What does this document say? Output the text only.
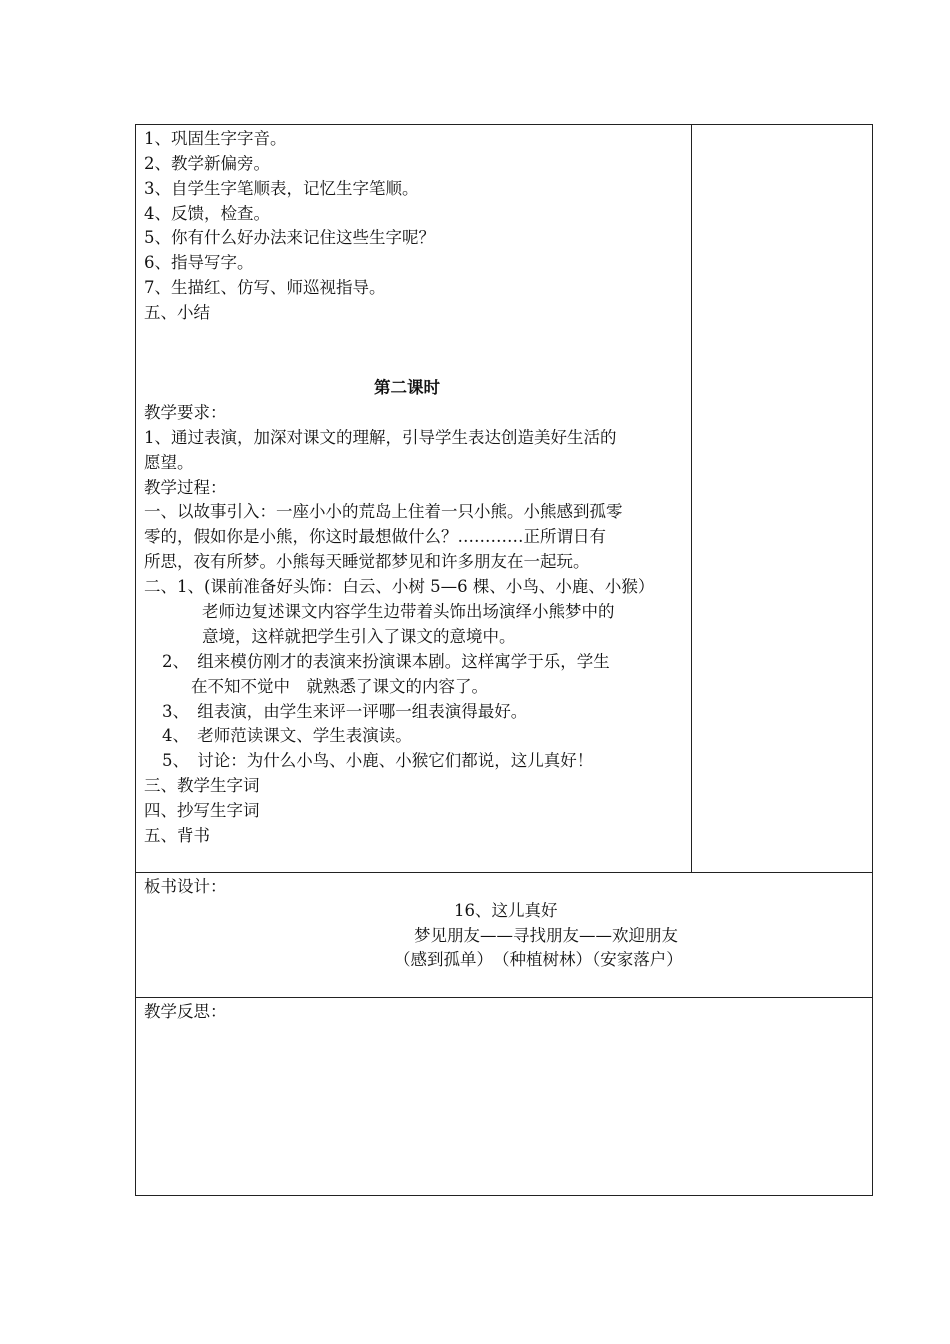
1、巩固生字字音。
2、教学新偏旁。
3、自学生字笔顺表，记忆生字笔顺。
4、反馈，检查。
5、你有什么好办法来记住这些生字呢？
6、指导写字。
7、生描红、仿写、师巡视指导。
五、小结
第二课时
教学要求：
1、通过表演，加深对课文的理解，引导学生表达创造美好生活的
愿望。
教学过程：
一、以故事引入：一座小小的荒岛上住着一只小熊。小熊感到孤零
零的，假如你是小熊，你这时最想做什么？…………正所谓日有
所思，夜有所梦。小熊每天睡觉都梦见和许多朋友在一起玩。
二、1、(课前准备好头饰：白云、小树 5—6 棵、小鸟、小鹿、小猴）
老师边复述课文内容学生边带着头饰出场演绎小熊梦中的
意境，这样就把学生引入了课文的意境中。
2、　组来模仿刚才的表演来扮演课本剧。这样寓学于乐，学生
在不知不觉中　就熟悉了课文的内容了。
3、　组表演，由学生来评一评哪一组表演得最好。
4、　老师范读课文、学生表演读。
5、　讨论：为什么小鸟、小鹿、小猴它们都说，这儿真好！
三、教学生字词
四、抄写生字词
五、背书
板书设计：
16、这儿真好
梦见朋友——寻找朋友——欢迎朋友
（感到孤单）　（种植树林）（安家落户）
教学反思：
